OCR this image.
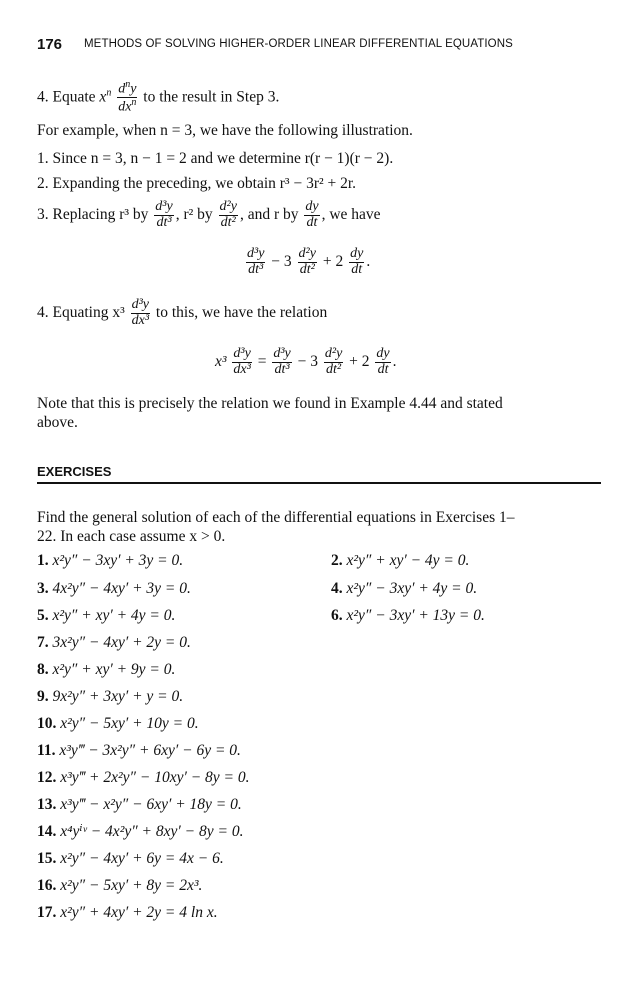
176 METHODS OF SOLVING HIGHER-ORDER LINEAR DIFFERENTIAL EQUATIONS
4. Equate $x^n \frac{d^ny}{dx^n}$ to the result in Step 3.
For example, when n = 3, we have the following illustration.
1. Since n = 3, n − 1 = 2 and we determine r(r − 1)(r − 2).
2. Expanding the preceding, we obtain r³ − 3r² + 2r.
3. Replacing r³ by $\frac{\text{d³y}}{\text{dt³}}$ , r² by $\frac{\text{d²y}}{\text{dt²}}$ , and r by $\frac{dy}{dt}$ , we have
$\frac{\text{d³y}}{\text{dt³}} - 3 \frac{\text{d²y}}{\text{dt²}} + 2 \frac{dy}{dt}$ .
4. Equating $x^3 \frac{\text{d³y}}{\text{dx³}}$ to this, we have the relation
$x^3 \frac{\text{d³y}}{\text{dx³}} = \frac{\text{d³y}}{\text{dt³}} - 3 \frac{\text{d²y}}{\text{dt²}} + 2 \frac{dy}{dt}$ .
Note that this is precisely the relation we found in Example 4.44 and stated
above.
EXERCISES
Find the general solution of each of the differential equations in Exercises 1–
22. In each case assume x > 0.
1. x²y″ − 3xy′ + 3y = 0.	2. x²y″ + xy′ − 4y = 0.
3. 4x²y″ − 4xy′ + 3y = 0.	4. x²y″ − 3xy′ + 4y = 0.
5. x²y″ + xy′ + 4y = 0.	6. x²y″ − 3xy′ + 13y = 0.
7. 3x²y″ − 4xy′ + 2y = 0.
8. x²y″ + xy′ + 9y = 0.
9. 9x²y″ + 3xy′ + y = 0.
10. x²y″ − 5xy′ + 10y = 0.
11. x³y‴ − 3x²y″ + 6xy′ − 6y = 0.
12. x³y‴ + 2x²y″ − 10xy′ − 8y = 0.
13. x³y‴ − x²y″ − 6xy′ + 18y = 0.
14. x⁴yⁱᵛ − 4x²y″ + 8xy′ − 8y = 0.
15. x²y″ − 4xy′ + 6y = 4x − 6.
16. x²y″ − 5xy′ + 8y = 2x³.
17. x²y″ + 4xy′ + 2y = 4 ln x.
